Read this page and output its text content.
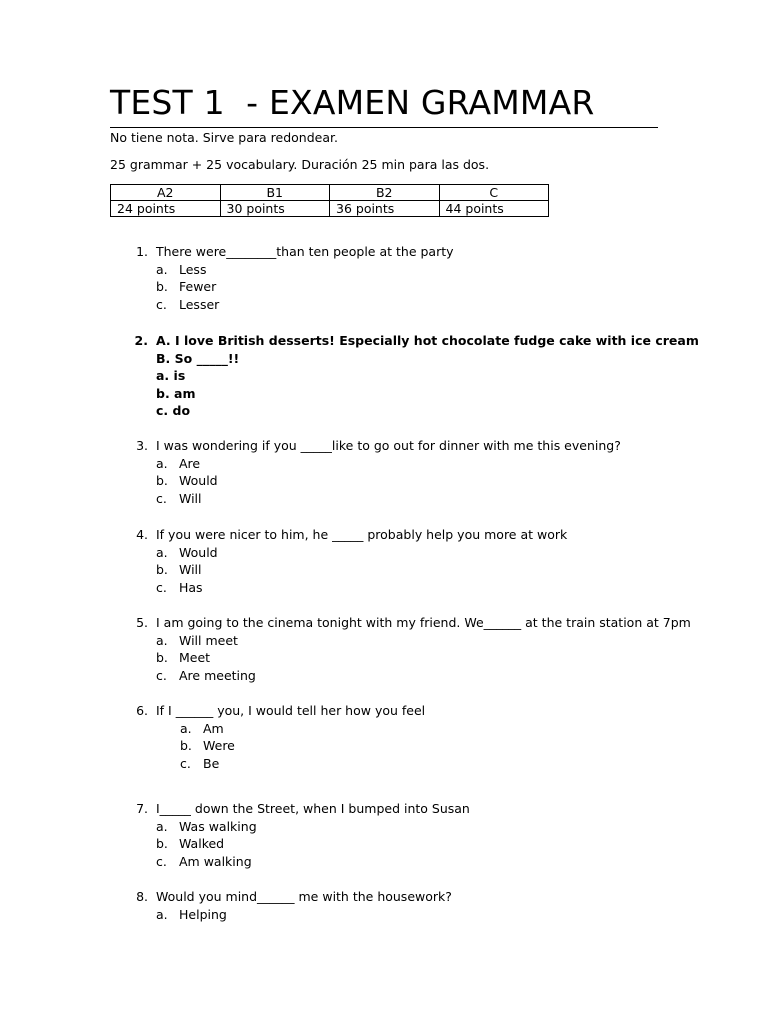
TEST 1  - EXAMEN GRAMMAR
No tiene nota. Sirve para redondear.
25 grammar + 25 vocabulary. Duración 25 min para las dos.
A2	B1	B2	C
24 points	30 points	36 points	44 points
1. There were________than ten people at the party
a. Less
b. Fewer
c. Lesser
2. A. I love British desserts! Especially hot chocolate fudge cake with ice cream
B. So _____!!
a. is
b. am
c. do
3. I was wondering if you _____like to go out for dinner with me this evening?
a. Are
b. Would
c. Will
4. If you were nicer to him, he _____ probably help you more at work
a. Would
b. Will
c. Has
5. I am going to the cinema tonight with my friend. We______ at the train station at 7pm
a. Will meet
b. Meet
c. Are meeting
6. If I ______ you, I would tell her how you feel
a. Am
b. Were
c. Be
7. I_____ down the Street, when I bumped into Susan
a. Was walking
b. Walked
c. Am walking
8. Would you mind______ me with the housework?
a. Helping
